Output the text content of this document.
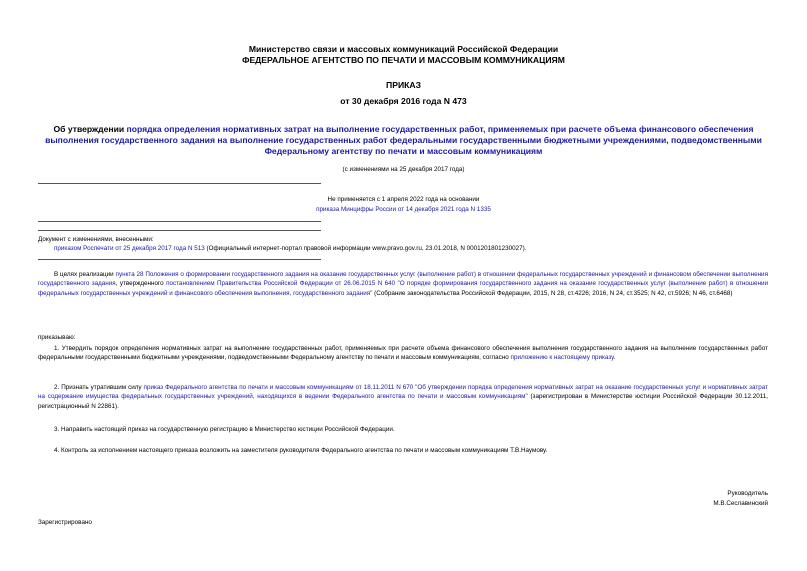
Министерство связи и массовых коммуникаций Российской Федерации
ФЕДЕРАЛЬНОЕ АГЕНТСТВО ПО ПЕЧАТИ И МАССОВЫМ КОММУНИКАЦИЯМ
ПРИКАЗ
от 30 декабря 2016 года N 473
Об утверждении порядка определения нормативных затрат на выполнение государственных работ, применяемых при расчете объема финансового обеспечения выполнения государственного задания на выполнение государственных работ федеральными государственными бюджетными учреждениями, подведомственными Федеральному агентству по печати и массовым коммуникациям
(с изменениями на 25 декабря 2017 года)
Не применяется с 1 апреля 2022 года на основании
приказа Минцифры России от 14 декабря 2021 года N 1335
Документ с изменениями, внесенными:
приказом Роспечати от 25 декабря 2017 года N 513 (Официальный интернет-портал правовой информации www.pravo.gov.ru, 23.01.2018, N 0001201801230027).
В целях реализации пункта 28 Положения о формировании государственного задания на оказание государственных услуг (выполнение работ) в отношении федеральных государственных учреждений и финансовом обеспечении выполнения государственного задания, утвержденного постановлением Правительства Российской Федерации от 26.06.2015 N 640 "О порядке формирования государственного задания на оказание государственных услуг (выполнение работ) в отношении федеральных государственных учреждений и финансового обеспечения выполнения, государственного задания" (Собрание законодательства Российской Федерации, 2015, N 28, ст.4226; 2016, N 24, ст.3525; N 42, ст.5926; N 46, ст.6468)
приказываю:
1. Утвердить порядок определения нормативных затрат на выполнение государственных работ, применяемых при расчете объема финансового обеспечения выполнения государственного задания на выполнение государственных работ федеральными государственными бюджетными учреждениями, подведомственными Федеральному агентству по печати и массовым коммуникациям, согласно приложению к настоящему приказу.
2. Признать утратившим силу приказ Федерального агентства по печати и массовым коммуникациям от 18.11.2011 N 670 "Об утверждении порядка определения нормативных затрат на оказание государственных услуг и нормативных затрат на содержание имущества федеральных государственных учреждений, находящихся в ведении Федерального агентства по печати и массовым коммуникациям" (зарегистрирован в Министерстве юстиции Российской Федерации 30.12.2011, регистрационный N 22861).
3. Направить настоящий приказ на государственную регистрацию в Министерство юстиции Российской Федерации.
4. Контроль за исполнением настоящего приказа возложить на заместителя руководителя Федерального агентства по печати и массовым коммуникациям Т.В.Наумову.
Руководитель
М.В.Сеславинский
Зарегистрировано
